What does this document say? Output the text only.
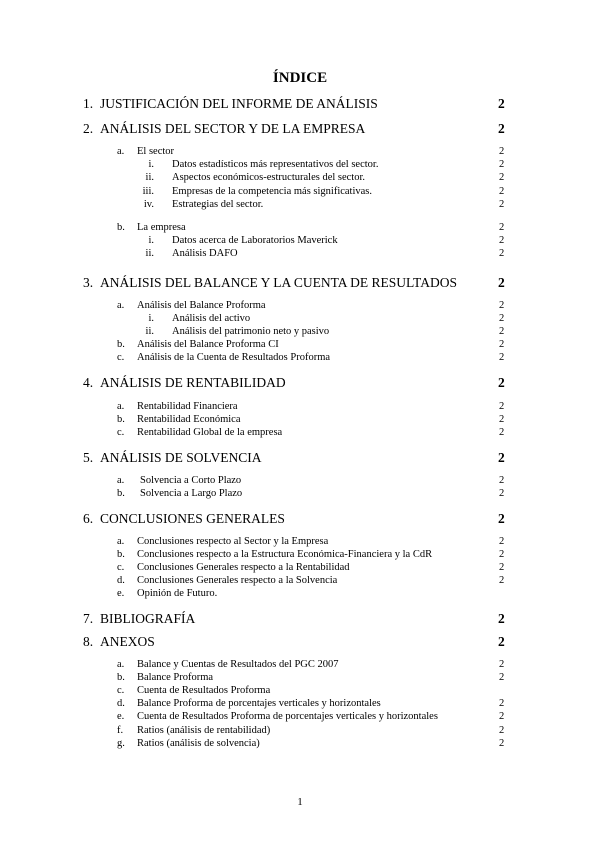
ÍNDICE
1. JUSTIFICACIÓN DEL INFORME DE ANÁLISIS	2
2. ANÁLISIS DEL SECTOR Y DE LA EMPRESA	2
a. El sector	2
i. Datos estadísticos más representativos del sector.	2
ii. Aspectos económicos-estructurales del sector.	2
iii. Empresas de la competencia más significativas.	2
iv. Estrategias del sector.	2
b. La empresa	2
i. Datos acerca de Laboratorios Maverick	2
ii. Análisis DAFO	2
3. ANÁLISIS DEL BALANCE Y LA CUENTA DE RESULTADOS	2
a. Análisis del Balance Proforma	2
i. Análisis del activo	2
ii. Análisis del patrimonio neto y pasivo	2
b. Análisis del Balance Proforma CI	2
c. Análisis de la Cuenta de Resultados Proforma	2
4. ANÁLISIS DE RENTABILIDAD	2
a. Rentabilidad Financiera	2
b. Rentabilidad Económica	2
c. Rentabilidad Global de la empresa	2
5. ANÁLISIS DE SOLVENCIA	2
a. Solvencia a Corto Plazo	2
b. Solvencia a Largo Plazo	2
6. CONCLUSIONES GENERALES	2
a. Conclusiones respecto al Sector y la Empresa	2
b. Conclusiones respecto a la Estructura Económica-Financiera y la CdR	2
c. Conclusiones Generales respecto a la Rentabilidad	2
d. Conclusiones Generales respecto a la Solvencia	2
e. Opinión de Futuro.
7. BIBLIOGRAFÍA	2
8. ANEXOS	2
a. Balance y Cuentas de Resultados del PGC 2007	2
b. Balance Proforma	2
c. Cuenta de Resultados Proforma
d. Balance Proforma de porcentajes verticales y horizontales	2
e. Cuenta de Resultados Proforma de porcentajes verticales y horizontales	2
f. Ratios (análisis de rentabilidad)	2
g. Ratios (análisis de solvencia)	2
1
